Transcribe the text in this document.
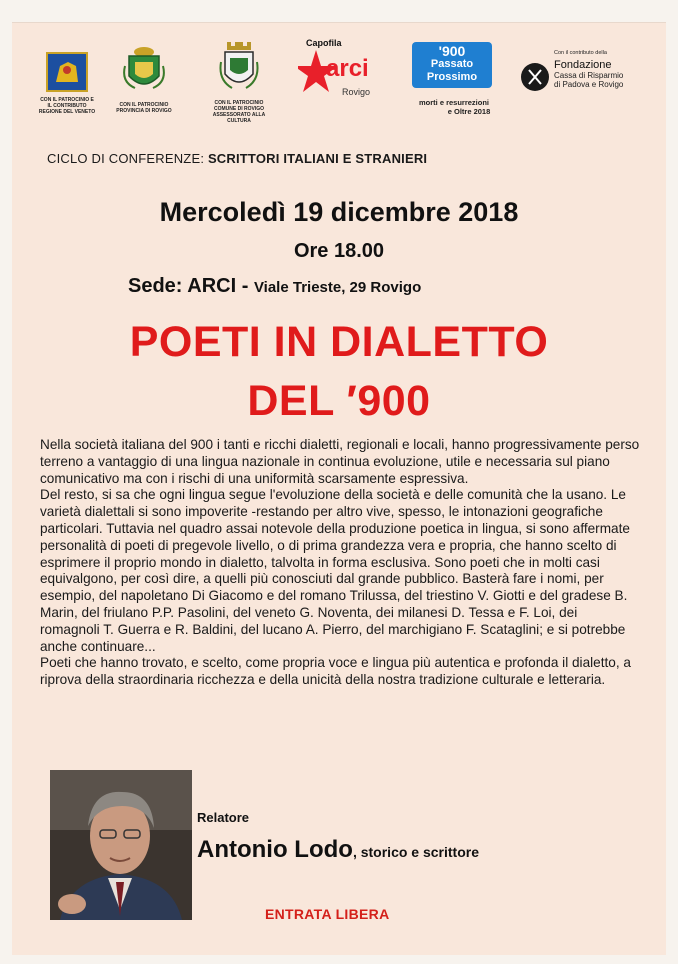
CON IL PATROCINIO E IL CONTRIBUTO REGIONE DEL VENETO
CON IL PATROCINIO PROVINCIA DI ROVIGO
CON IL PATROCINIO COMUNE DI ROVIGO ASSESSORATO ALLA CULTURA
Capofila
arci
Rovigo
'900
Passato
Prossimo
morti e resurrezioni
e Oltre 2018
Con il contributo della
Fondazione
Cassa di Risparmio
di Padova e Rovigo
CICLO DI CONFERENZE: SCRITTORI ITALIANI E STRANIERI
Mercoledì 19 dicembre 2018
Ore 18.00
Sede: ARCI - Viale Trieste, 29 Rovigo
POETI IN DIALETTO
DEL ′900

Nella società italiana del 900 i tanti e ricchi dialetti, regionali e locali, hanno progressivamente perso terreno a vantaggio di una lingua nazionale in continua evoluzione, utile e necessaria sul piano comunicativo ma con i rischi di una uniformità scarsamente espressiva.

Del resto, si sa che ogni lingua segue l'evoluzione della società e delle comunità che la usano. Le varietà dialettali si sono impoverite -restando per altro vive, spesso, le intonazioni geografiche particolari. Tuttavia nel quadro assai notevole della produzione poetica in lingua, si sono affermate personalità di poeti di pregevole livello, o di prima grandezza vera e propria, che hanno scelto di esprimere il proprio mondo in dialetto, talvolta in forma esclusiva. Sono poeti che in molti casi equivalgono, per così dire, a quelli più conosciuti dal grande pubblico. Basterà fare i nomi, per esempio, del napoletano Di Giacomo e del romano Trilussa, del triestino V. Giotti e del gradese B. Marin, del friulano P.P. Pasolini, del veneto G. Noventa, dei milanesi D. Tessa e F. Loi, dei romagnoli T. Guerra e R. Baldini, del lucano A. Pierro, del marchigiano F. Scataglini; e si potrebbe anche continuare...

Poeti che hanno trovato, e scelto, come propria voce e lingua più autentica e profonda il dialetto, a riprova della straordinaria ricchezza e della unicità della nostra tradizione culturale e letteraria.

Relatore
Antonio Lodo, storico e scrittore
ENTRATA LIBERA
